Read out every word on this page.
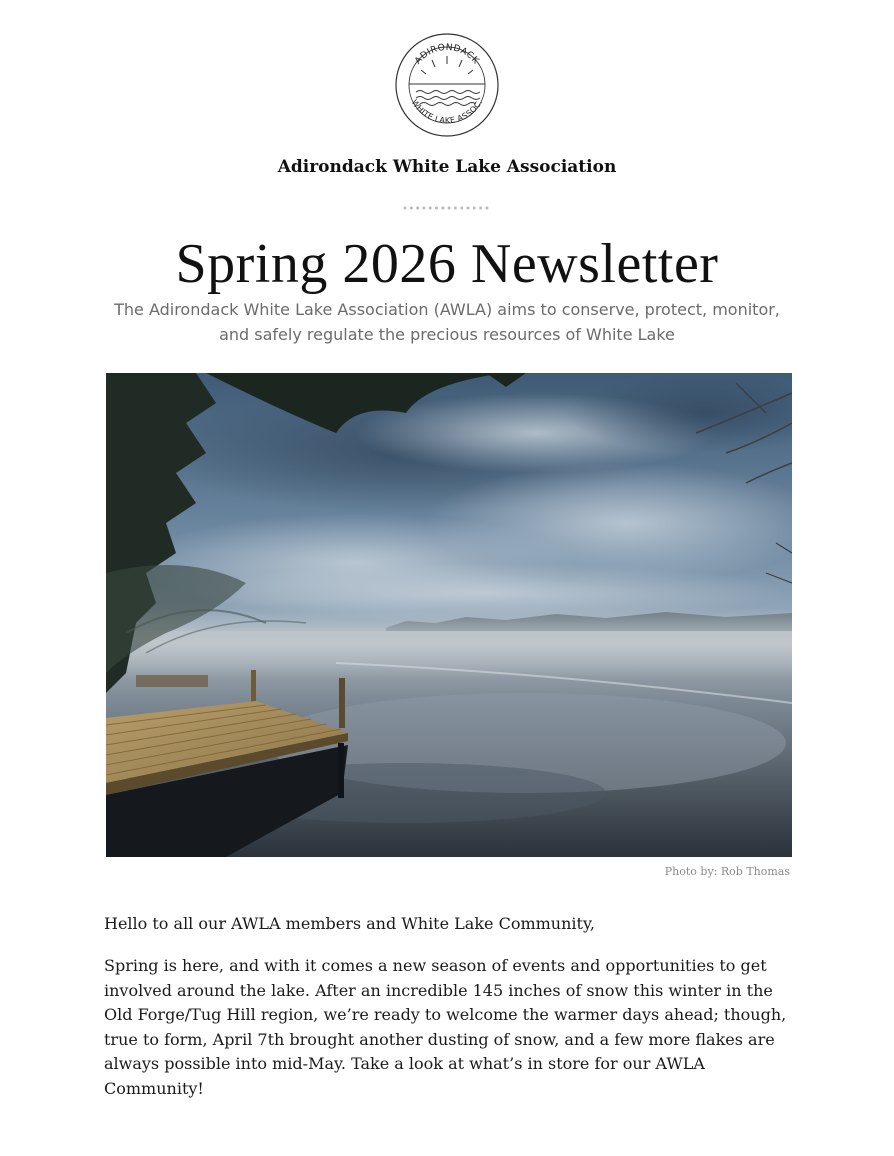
ADIRONDACK
WHITE LAKE ASSOC.
Adirondack White Lake Association
Spring 2026 Newsletter
The Adirondack White Lake Association (AWLA) aims to conserve, protect, monitor, and safely regulate the precious resources of White Lake
Photo by: Rob Thomas
Hello to all our AWLA members and White Lake Community,
Spring is here, and with it comes a new season of events and opportunities to get involved around the lake. After an incredible 145 inches of snow this winter in the Old Forge/Tug Hill region, we’re ready to welcome the warmer days ahead; though, true to form, April 7th brought another dusting of snow, and a few more flakes are always possible into mid-May. Take a look at what’s in store for our AWLA Community!
